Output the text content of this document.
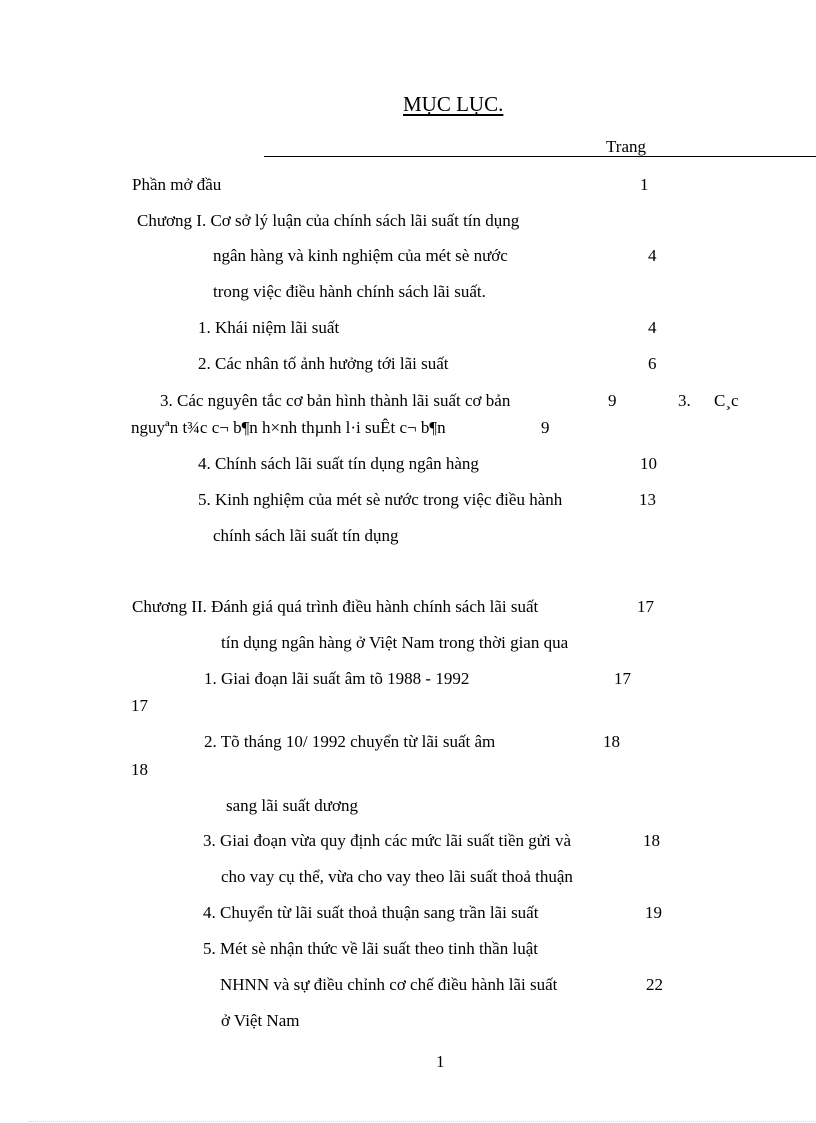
MỤC LỤC.
Trang
Phần mở đầu	1
Chương I. Cơ sở lý luận của chính sách lãi suất tín dụng
ngân hàng và kinh nghiệm của mét sè nước	4
trong việc điều hành chính sách lãi suất.
1. Khái niệm lãi suất	4
2. Các nhân tố ảnh hưởng tới lãi suất	6
3. Các nguyên tắc cơ bản hình thành lãi suất cơ bản	9	3. C¸c
nguyªn t¾c c¬ b¶n h×nh thµnh l·i suÊt c¬ b¶n	9
4. Chính sách lãi suất tín dụng ngân hàng	10
5. Kinh nghiệm của mét sè nước trong việc điều hành	13
chính sách lãi suất tín dụng
Chương II. Đánh giá quá trình điều hành chính sách lãi suất	17
tín dụng ngân hàng ở Việt Nam trong thời gian qua
1. Giai đoạn lãi suất âm tõ 1988 - 1992	17
17
2. Tõ tháng 10/ 1992 chuyển từ lãi suất âm	18
18
sang lãi suất dương
3. Giai đoạn vừa quy định các mức lãi suất tiền gửi và	18
cho vay cụ thể, vừa cho vay theo lãi suất thoả thuận
4. Chuyển từ lãi suất thoả thuận sang trần lãi suất	19
5. Mét sè nhận thức về lãi suất theo tinh thần luật
NHNN và sự điều chỉnh cơ chế điều hành lãi suất	22
ở Việt Nam
1
